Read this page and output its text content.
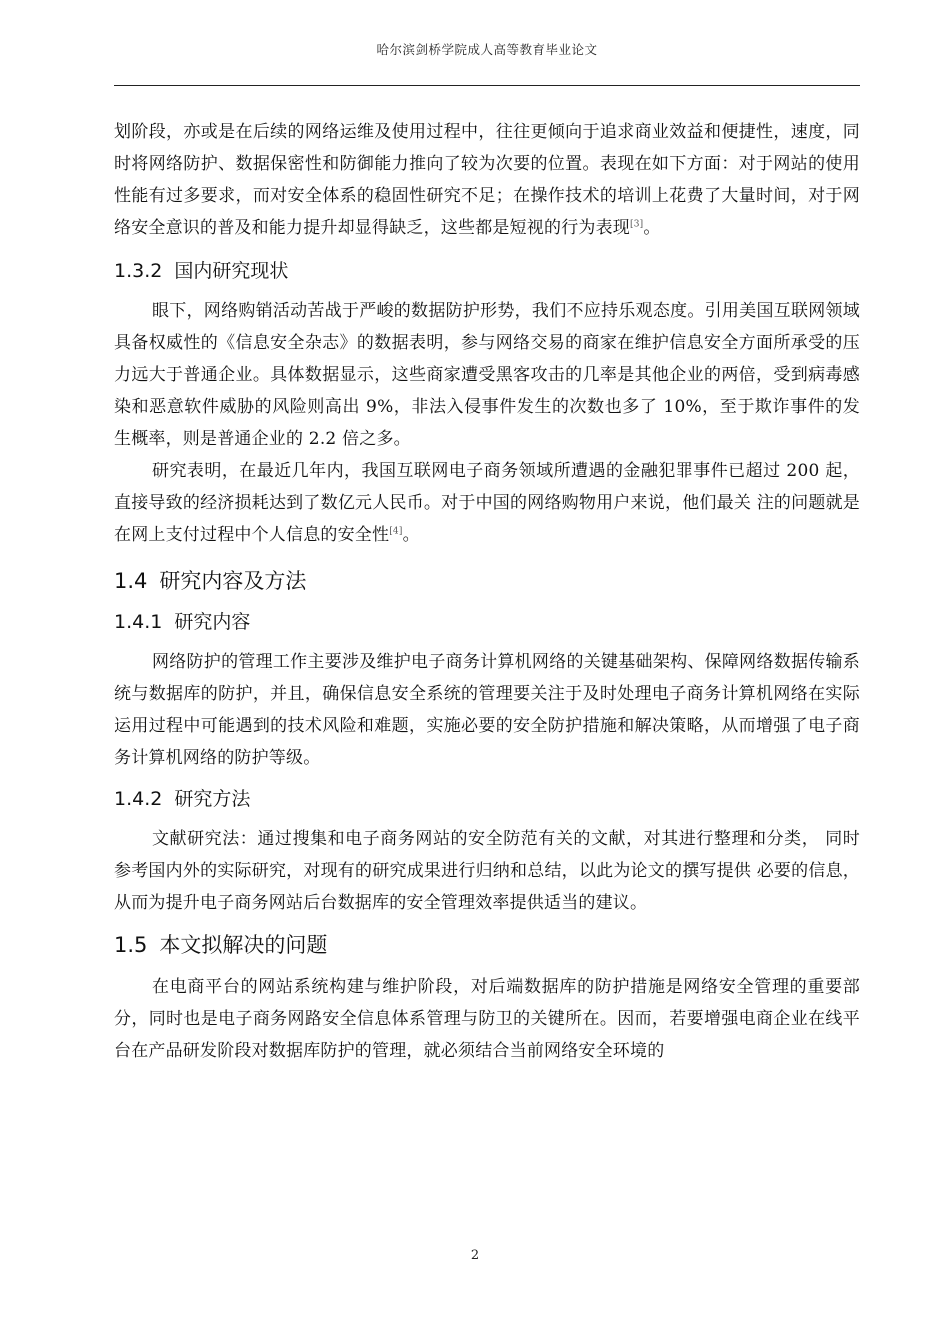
哈尔滨剑桥学院成人高等教育毕业论文

划阶段，亦或是在后续的网络运维及使用过程中，往往更倾向于追求商业效益和便捷性，速度，同时将网络防护、数据保密性和防御能力推向了较为次要的位置。表现在如下方面：对于网站的使用性能有过多要求，而对安全体系的稳固性研究不足；在操作技术的培训上花费了大量时间，对于网络安全意识的普及和能力提升却显得缺乏，这些都是短视的行为表现[3]。

1.3.2 国内研究现状

眼下，网络购销活动苦战于严峻的数据防护形势，我们不应持乐观态度。引用美国互联网领域具备权威性的《信息安全杂志》的数据表明，参与网络交易的商家在维护信息安全方面所承受的压力远大于普通企业。具体数据显示，这些商家遭受黑客攻击的几率是其他企业的两倍，受到病毒感染和恶意软件威胁的风险则高出 9%，非法入侵事件发生的次数也多了 10%，至于欺诈事件的发生概率，则是普通企业的 2.2 倍之多。

研究表明，在最近几年内，我国互联网电子商务领域所遭遇的金融犯罪事件已超过 200 起，直接导致的经济损耗达到了数亿元人民币。对于中国的网络购物用户来说，他们最关 注的问题就是在网上支付过程中个人信息的安全性[4]。

1.4 研究内容及方法
1.4.1 研究内容

网络防护的管理工作主要涉及维护电子商务计算机网络的关键基础架构、保障网络数据传输系统与数据库的防护，并且，确保信息安全系统的管理要关注于及时处理电子商务计算机网络在实际运用过程中可能遇到的技术风险和难题，实施必要的安全防护措施和解决策略，从而增强了电子商务计算机网络的防护等级。

1.4.2 研究方法

文献研究法：通过搜集和电子商务网站的安全防范有关的文献，对其进行整理和分类， 同时参考国内外的实际研究，对现有的研究成果进行归纳和总结，以此为论文的撰写提供 必要的信息，从而为提升电子商务网站后台数据库的安全管理效率提供适当的建议。

1.5 本文拟解决的问题

在电商平台的网站系统构建与维护阶段，对后端数据库的防护措施是网络安全管理的重要部分，同时也是电子商务网路安全信息体系管理与防卫的关键所在。因而，若要增强电商企业在线平台在产品研发阶段对数据库防护的管理，就必须结合当前网络安全环境的

2
